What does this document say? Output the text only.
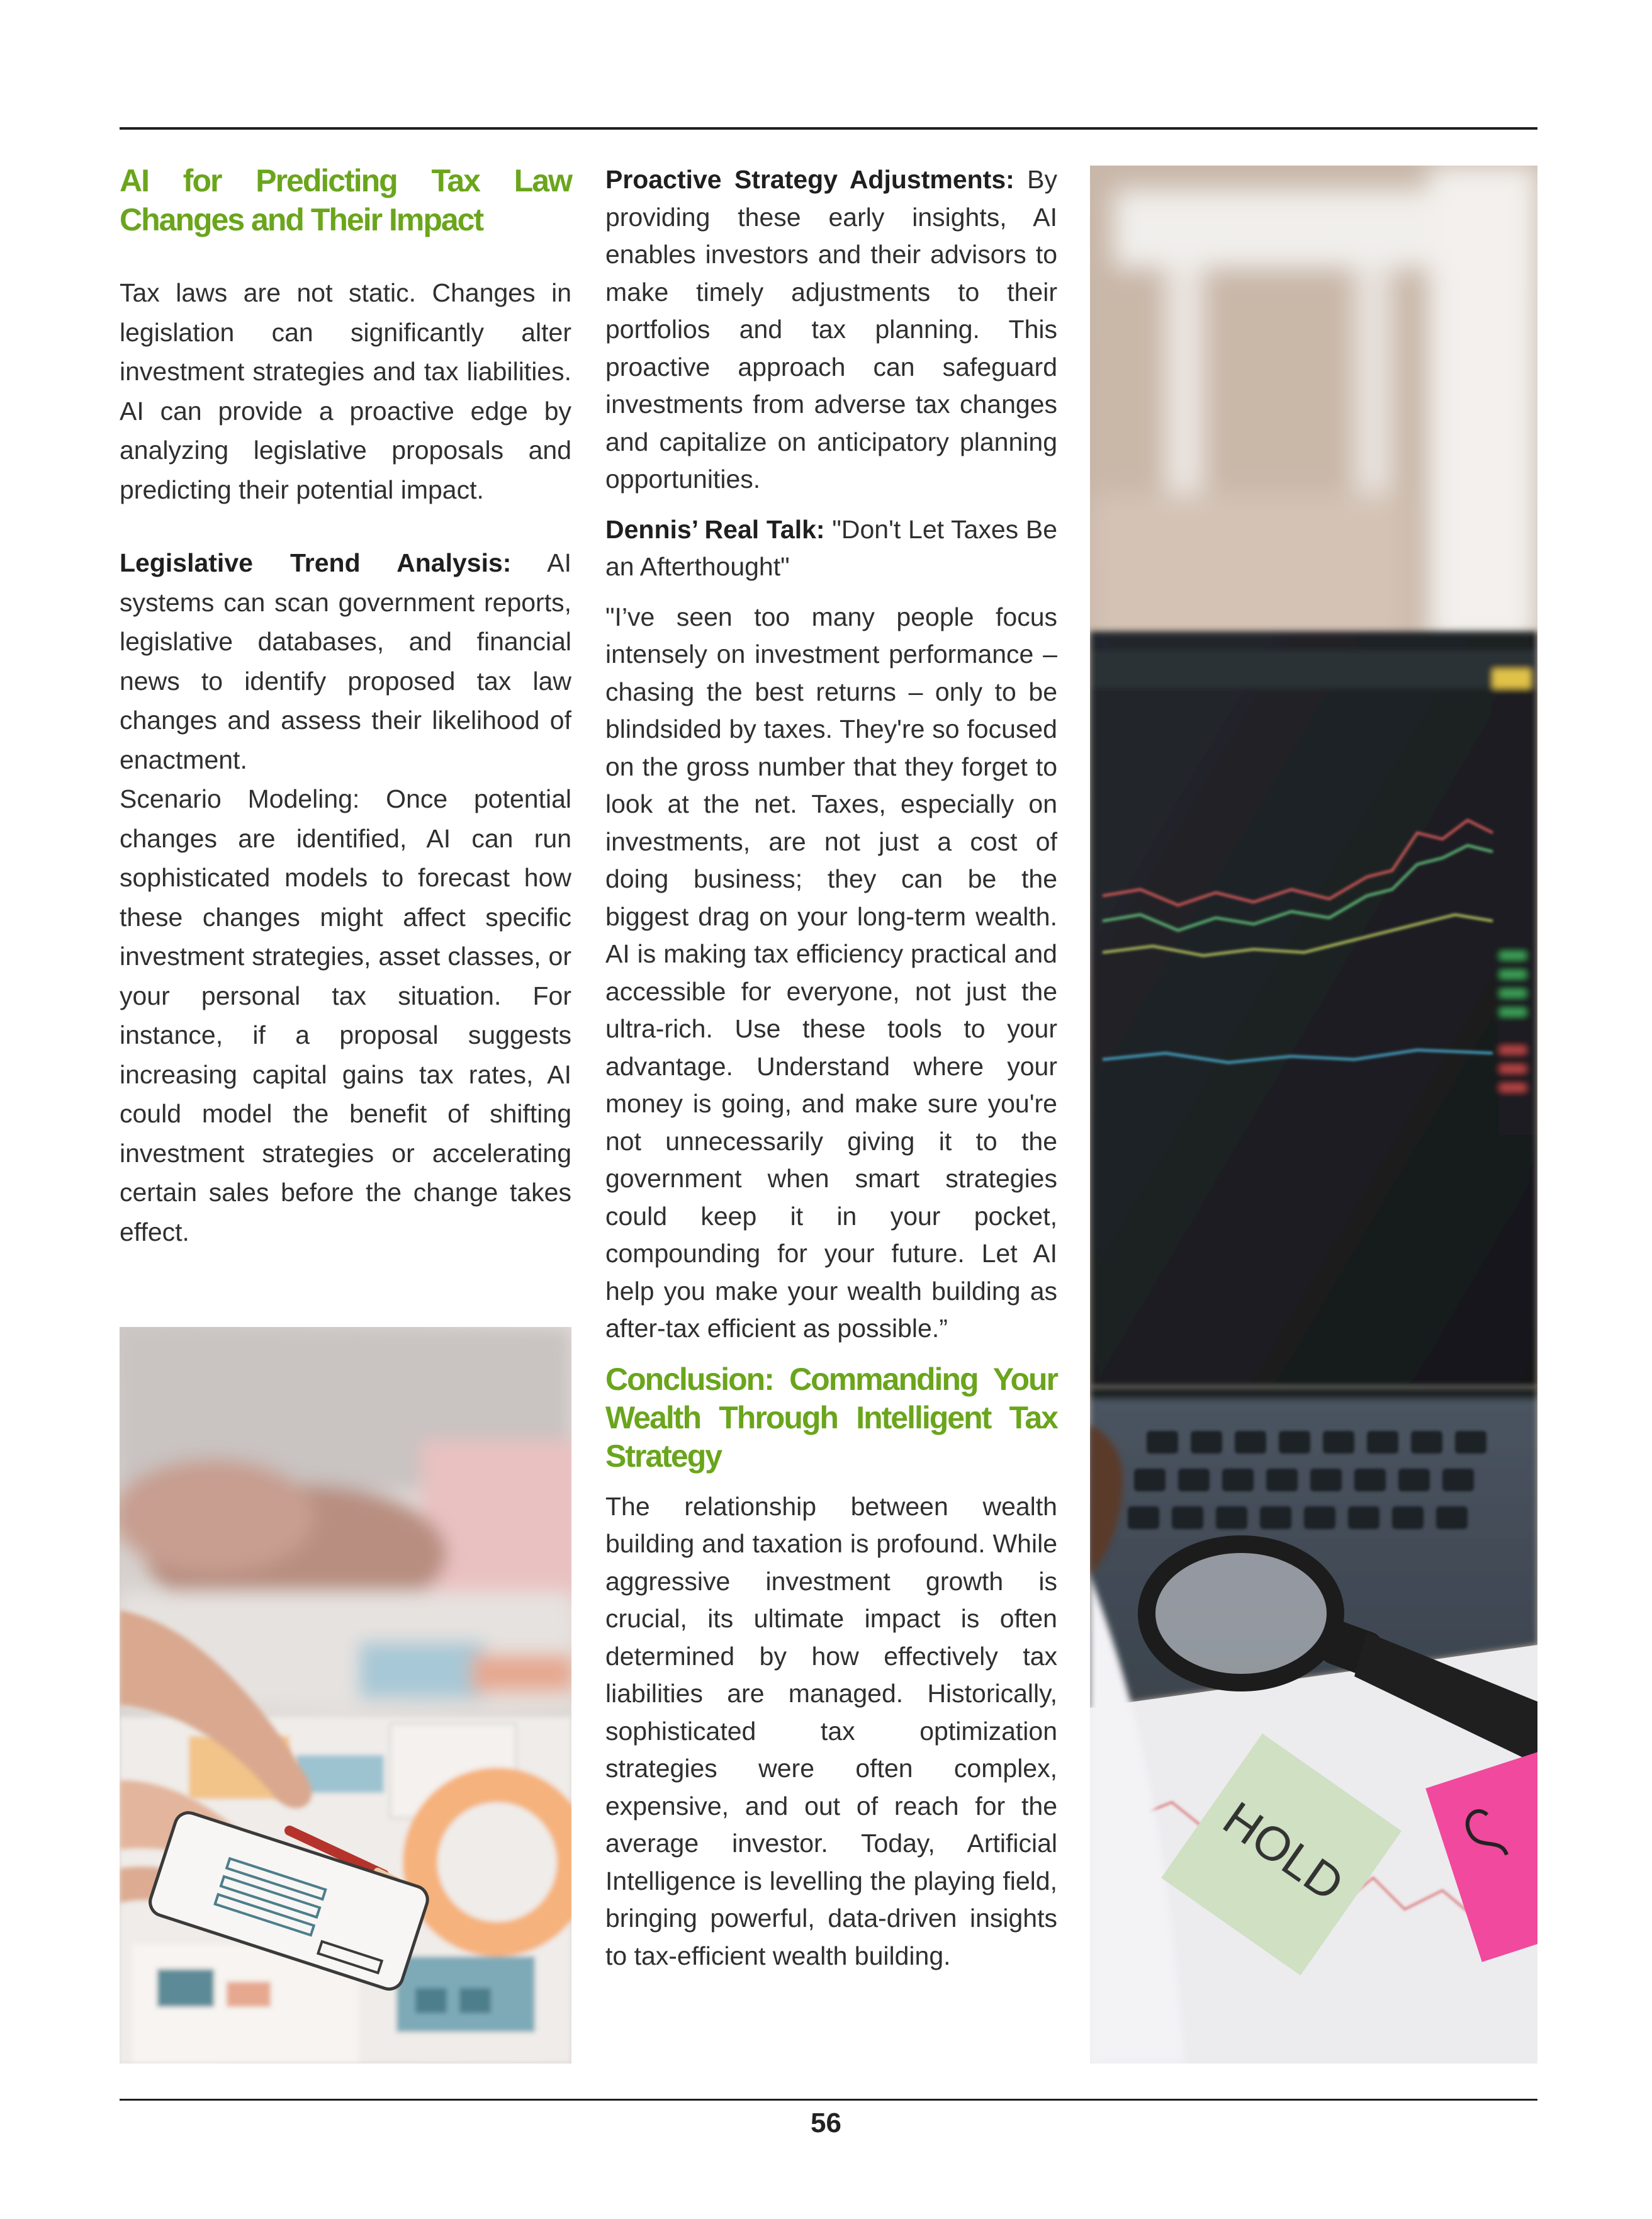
AI for Predicting Tax Law Changes and Their Impact

Tax laws are not static. Changes in legislation can significantly alter investment strategies and tax liabilities. AI can provide a proactive edge by analyzing legislative proposals and predicting their potential impact.

Legislative Trend Analysis: AI systems can scan government reports, legislative databases, and financial news to identify proposed tax law changes and assess their likelihood of enactment.

Scenario Modeling: Once potential changes are identified, AI can run sophisticated models to forecast how these changes might affect specific investment strategies, asset classes, or your personal tax situation. For instance, if a proposal suggests increasing capital gains tax rates, AI could model the benefit of shifting investment strategies or accelerating certain sales before the change takes effect.

Proactive Strategy Adjustments: By providing these early insights, AI enables investors and their advisors to make timely adjustments to their portfolios and tax planning. This proactive approach can safeguard investments from adverse tax changes and capitalize on anticipatory planning opportunities.

Dennis’ Real Talk: "Don't Let Taxes Be an Afterthought"

"I’ve seen too many people focus intensely on investment performance – chasing the best returns – only to be blindsided by taxes. They're so focused on the gross number that they forget to look at the net. Taxes, especially on investments, are not just a cost of doing business; they can be the biggest drag on your long-term wealth. AI is making tax efficiency practical and accessible for everyone, not just the ultra-rich. Use these tools to your advantage. Understand where your money is going, and make sure you're not unnecessarily giving it to the government when smart strategies could keep it in your pocket, compounding for your future. Let AI help you make your wealth building as after-tax efficient as possible.”

Conclusion: Commanding Your Wealth Through Intelligent Tax Strategy

The relationship between wealth building and taxation is profound. While aggressive investment growth is crucial, its ultimate impact is often determined by how effectively tax liabilities are managed. Historically, sophisticated tax optimization strategies were often complex, expensive, and out of reach for the average investor. Today, Artificial Intelligence is levelling the playing field, bringing powerful, data-driven insights to tax-efficient wealth building.

HOLD
56
